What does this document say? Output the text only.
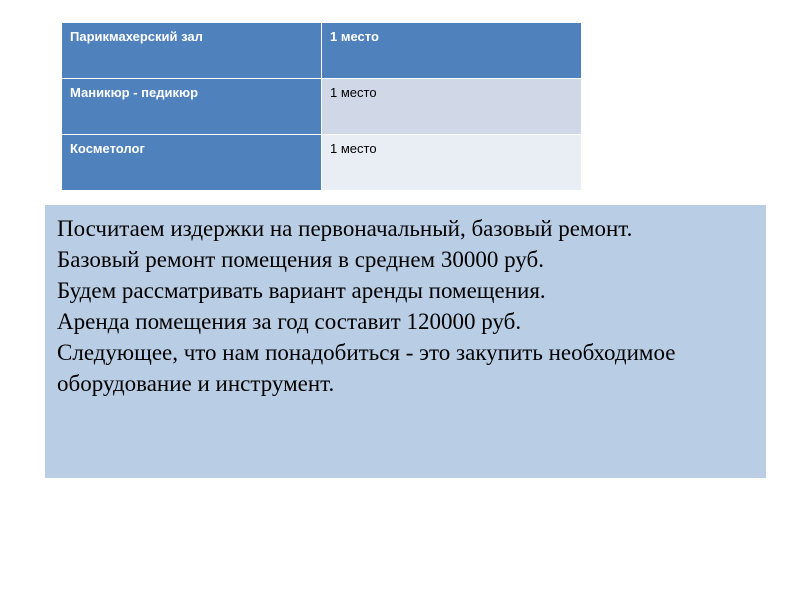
Парикмахерский зал	1 место
Маникюр - педикюр	1 место
Косметолог	1 место

Посчитаем издержки на первоначальный, базовый ремонт.

Базовый ремонт помещения в среднем 30000 руб.

Будем рассматривать вариант аренды помещения.

Аренда помещения за год составит 120000 руб.

Следующее, что нам понадобиться - это закупить необходимое оборудование и инструмент.
